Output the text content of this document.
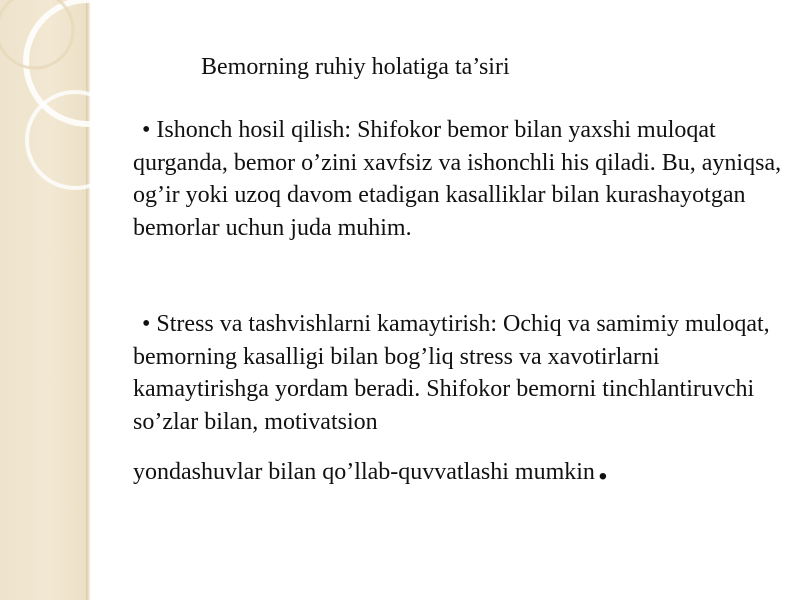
Bemorning ruhiy holatiga ta’siri

• Ishonch hosil qilish: Shifokor bemor bilan yaxshi muloqat qurganda, bemor o’zini xavfsiz va ishonchli his qiladi. Bu, ayniqsa, og’ir yoki uzoq davom etadigan kasalliklar bilan kurashayotgan bemorlar uchun juda muhim.

• Stress va tashvishlarni kamaytirish: Ochiq va samimiy muloqat, bemorning kasalligi bilan bog’liq stress va xavotirlarni kamaytirishga yordam beradi. Shifokor bemorni tinchlantiruvchi so’zlar bilan, motivatsion

yondashuvlar bilan qo’llab-quvvatlashi mumkin.
